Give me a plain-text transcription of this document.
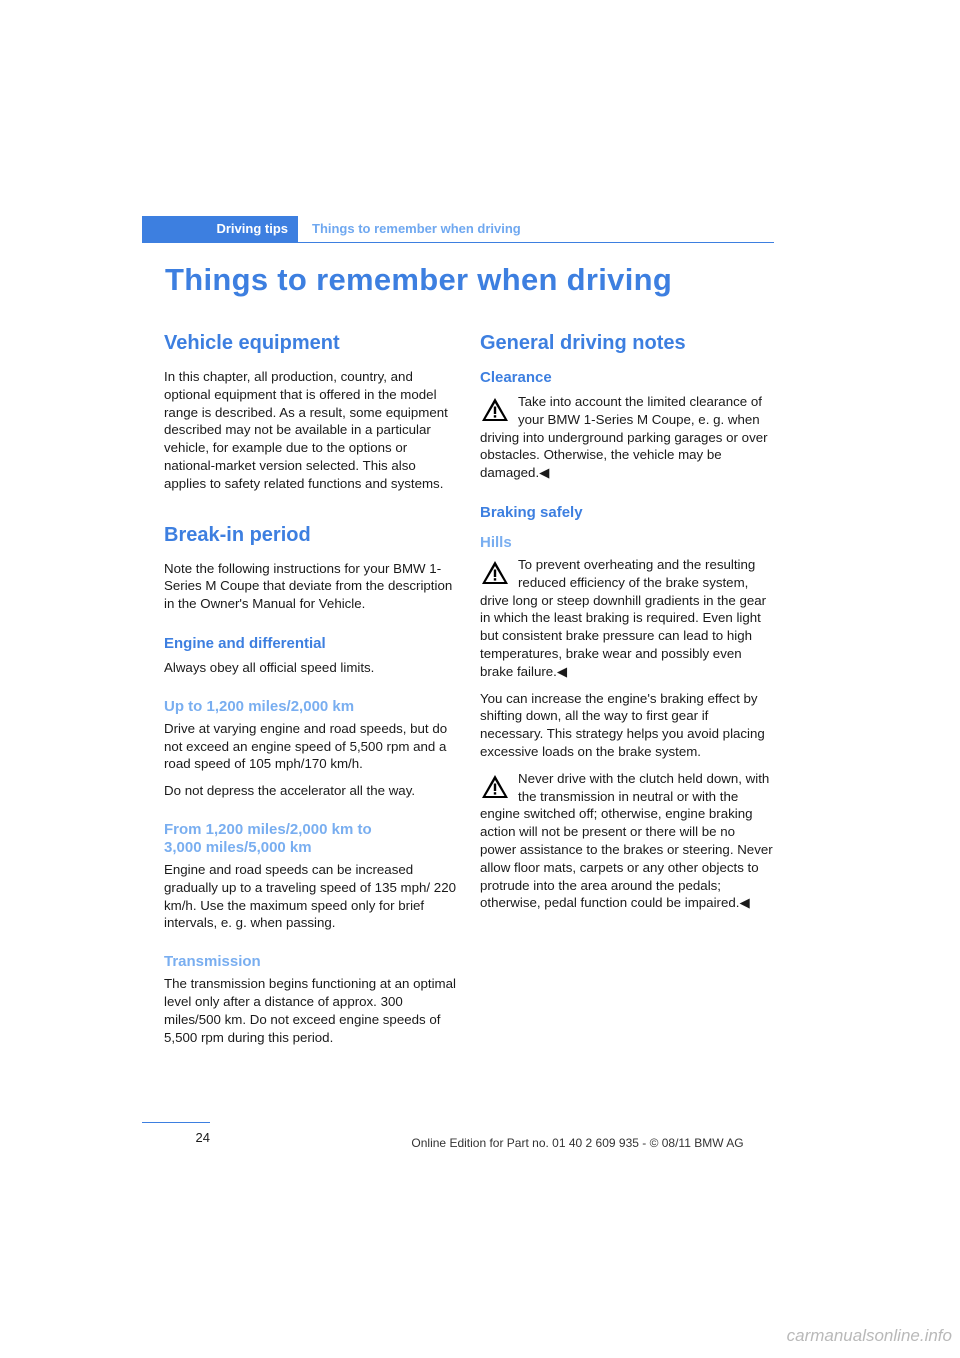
Driving tips	Things to remember when driving
Things to remember when driving
Vehicle equipment

In this chapter, all production, country, and optional equipment that is offered in the model range is described. As a result, some equipment described may not be available in a particular vehicle, for example due to the options or national-market version selected. This also applies to safety related functions and systems.

Break-in period

Note the following instructions for your BMW 1-Series M Coupe that deviate from the description in the Owner's Manual for Vehicle.

Engine and differential

Always obey all official speed limits.

Up to 1,200 miles/2,000 km

Drive at varying engine and road speeds, but do not exceed an engine speed of 5,500 rpm and a road speed of 105 mph/170 km/h.

Do not depress the accelerator all the way.

From 1,200 miles/2,000 km to
3,000 miles/5,000 km

Engine and road speeds can be increased gradually up to a traveling speed of 135 mph/ 220 km/h. Use the maximum speed only for brief intervals, e. g. when passing.

Transmission

The transmission begins functioning at an optimal level only after a distance of approx. 300 miles/500 km. Do not exceed engine speeds of 5,500 rpm during this period.

General driving notes
Clearance

Take into account the limited clearance of your BMW 1-Series M Coupe, e. g. when driving into underground parking garages or over obstacles. Otherwise, the vehicle may be damaged.◀

Braking safely
Hills

To prevent overheating and the resulting reduced efficiency of the brake system, drive long or steep downhill gradients in the gear in which the least braking is required. Even light but consistent brake pressure can lead to high temperatures, brake wear and possibly even brake failure.◀

You can increase the engine's braking effect by shifting down, all the way to first gear if necessary. This strategy helps you avoid placing excessive loads on the brake system.

Never drive with the clutch held down, with the transmission in neutral or with the engine switched off; otherwise, engine braking action will not be present or there will be no power assistance to the brakes or steering. Never allow floor mats, carpets or any other objects to protrude into the area around the pedals; otherwise, pedal function could be impaired.◀

24	Online Edition for Part no. 01 40 2 609 935 - © 08/11 BMW AG
carmanualsonline.info
